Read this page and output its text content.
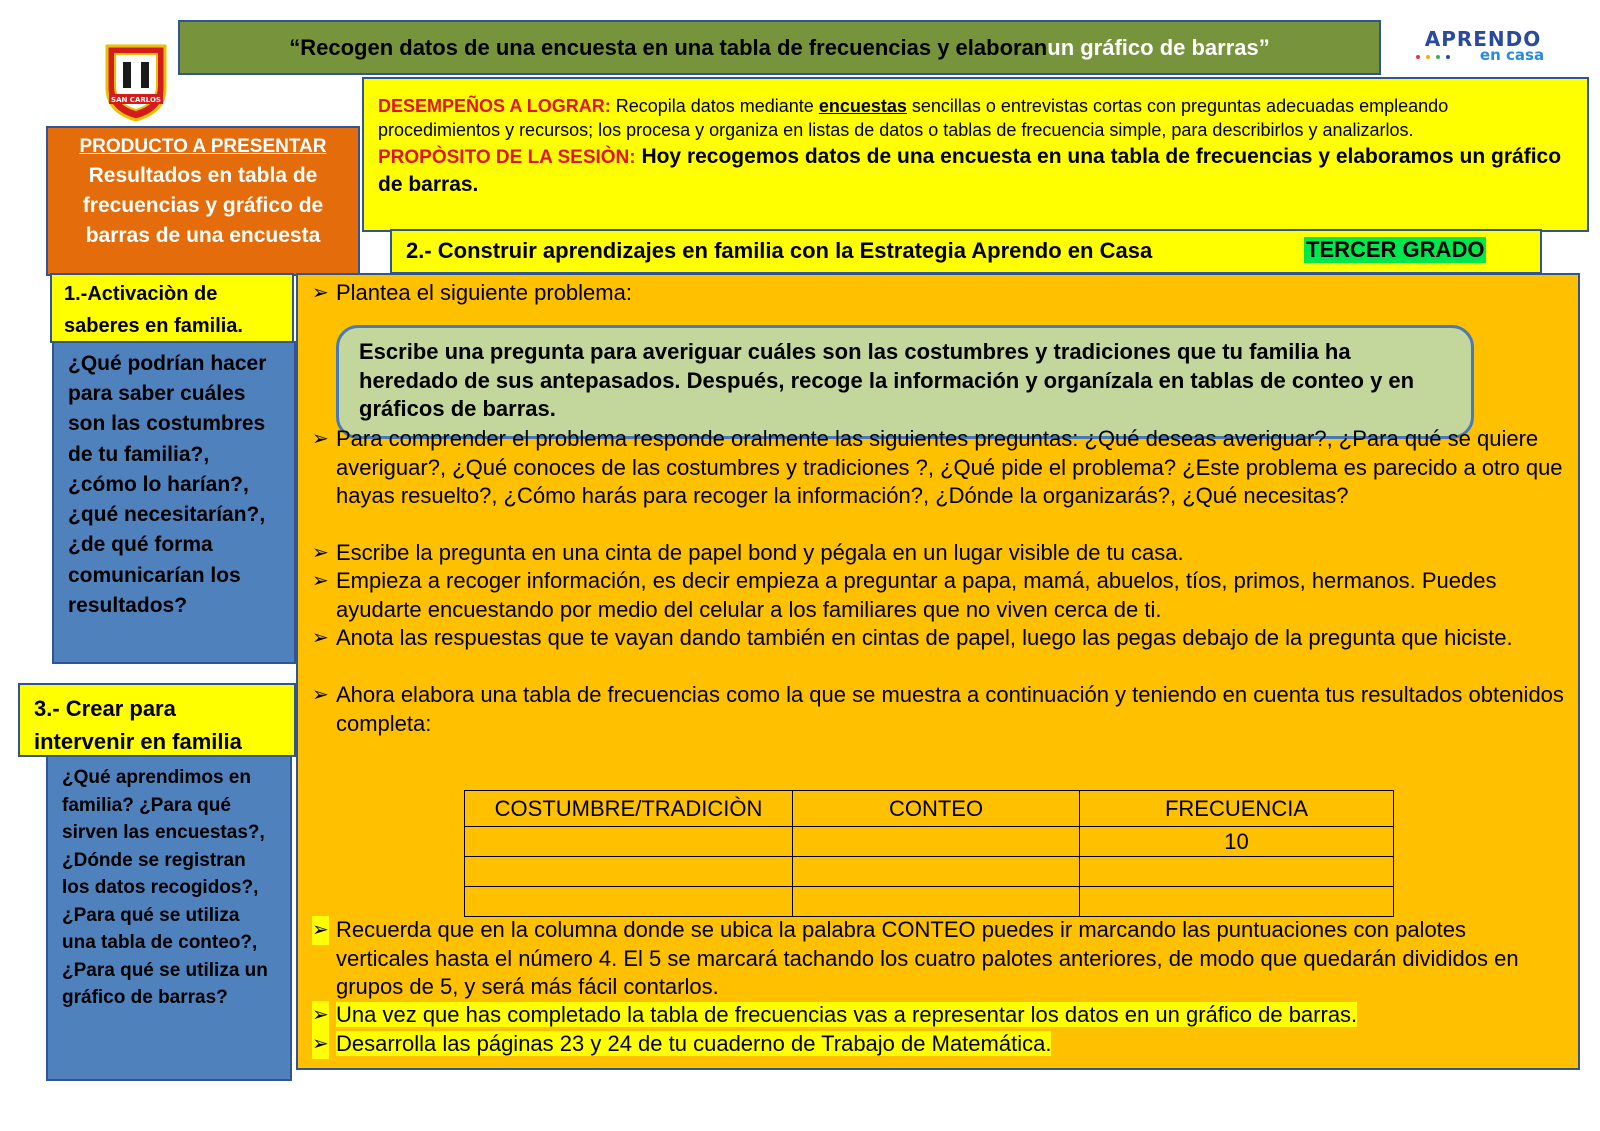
“Recogen datos de una encuesta en una tabla de frecuencias y elaboran un gráfico de barras”
SAN CARLOS
APRENDO
en casa
DESEMPEÑOS A LOGRAR: Recopila datos mediante encuestas sencillas o entrevistas cortas con preguntas adecuadas empleando procedimientos y recursos; los procesa y organiza en listas de datos o tablas de frecuencia simple, para describirlos y analizarlos.
PROPÒSITO DE LA SESIÒN: Hoy recogemos datos de una encuesta en una tabla de frecuencias y elaboramos un gráfico de barras.
PRODUCTO A PRESENTAR
Resultados en tabla de frecuencias y gráfico de barras de una encuesta
2.- Construir aprendizajes en familia con la Estrategia Aprendo en Casa	TERCER GRADO
➢ Plantea el siguiente problema:
Escribe una pregunta para averiguar cuáles son las costumbres y tradiciones que tu familia ha heredado de sus antepasados. Después, recoge la información y organízala en tablas de conteo y en gráficos de barras.
➢ Para comprender el problema responde oralmente las siguientes preguntas: ¿Qué deseas averiguar?, ¿Para qué se quiere averiguar?, ¿Qué conoces de las costumbres y tradiciones ?, ¿Qué pide el problema? ¿Este problema es parecido a otro que hayas resuelto?, ¿Cómo harás para recoger la información?, ¿Dónde la organizarás?, ¿Qué necesitas?
➢ Escribe la pregunta en una cinta de papel bond y pégala en un lugar visible de tu casa.
➢ Empieza a recoger información, es decir empieza a preguntar a papa, mamá, abuelos, tíos, primos, hermanos. Puedes ayudarte encuestando por medio del celular a los familiares que no viven cerca de ti.
➢ Anota las respuestas que te vayan dando también en cintas de papel, luego las pegas debajo de la pregunta que hiciste.
➢ Ahora elabora una tabla de frecuencias como la que se muestra a continuación y teniendo en cuenta tus resultados obtenidos completa:
COSTUMBRE/TRADICIÒN	CONTEO	FRECUENCIA
		10

➢ Recuerda que en la columna donde se ubica la palabra CONTEO puedes ir marcando las puntuaciones con palotes verticales hasta el número 4. El 5 se marcará tachando los cuatro palotes anteriores, de modo que quedarán divididos en grupos de 5, y será más fácil contarlos.
➢ Una vez que has completado la tabla de frecuencias vas a representar los datos en un gráfico de barras.
➢ Desarrolla las páginas 23 y 24 de tu cuaderno de Trabajo de Matemática.
1.-Activaciòn de saberes en familia.
¿Qué podrían hacer para saber cuáles son las costumbres de tu familia?, ¿cómo lo harían?, ¿qué necesitarían?, ¿de qué forma comunicarían los resultados?
3.- Crear para intervenir en familia
¿Qué aprendimos en familia? ¿Para qué sirven las encuestas?, ¿Dónde se registran los datos recogidos?, ¿Para qué se utiliza una tabla de conteo?, ¿Para qué se utiliza un gráfico de barras?
